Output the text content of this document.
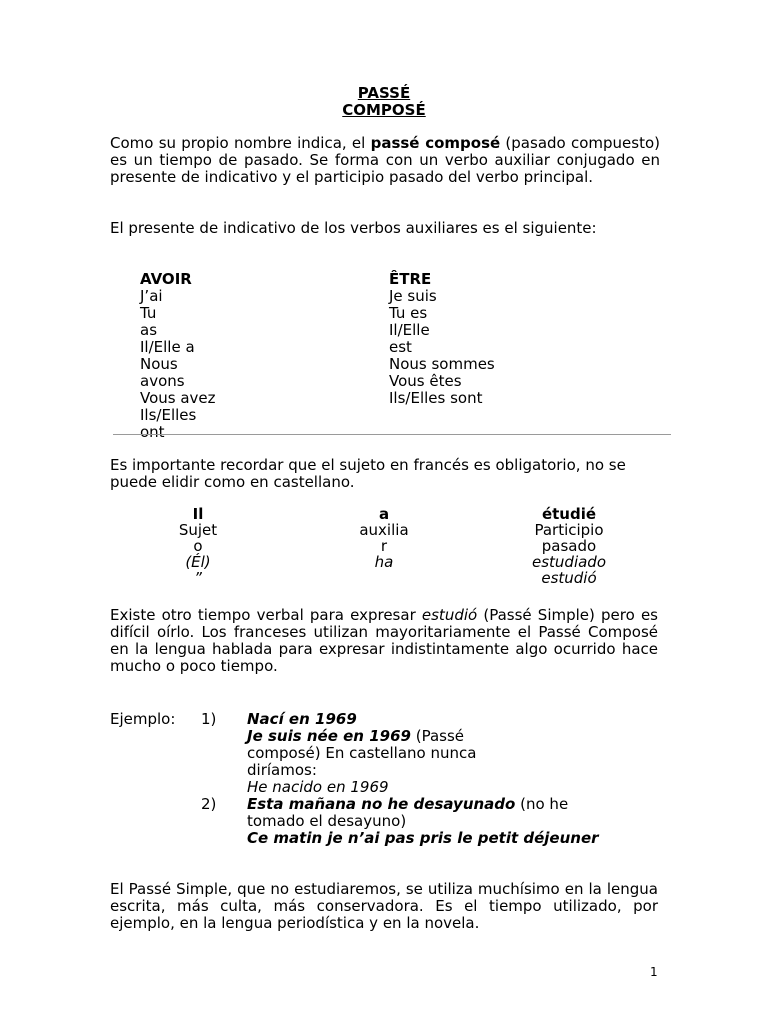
PASSÉ
COMPOSÉ
Como su propio nombre indica, el passé composé (pasado compuesto) es un tiempo de pasado. Se forma con un verbo auxiliar conjugado en presente de indicativo y el participio pasado del verbo principal.
El presente de indicativo de los verbos auxiliares es el siguiente:
AVOIR
J’ai
Tu
as
Il/Elle a
Nous
avons
Vous avez
Ils/Elles
ont
ÊTRE
Je suis
Tu es
Il/Elle
est
Nous sommes
Vous êtes
Ils/Elles sont
Es importante recordar que el sujeto en francés es obligatorio, no se puede elidir como en castellano.
Il
Sujet
o
(Él)
”
a
auxilia
r
ha
étudié
Participio
pasado
estudiado
estudió
Existe otro tiempo verbal para expresar estudió (Passé Simple) pero es difícil oírlo. Los franceses utilizan mayoritariamente el Passé Composé en la lengua hablada para expresar indistintamente algo ocurrido hace mucho o poco tiempo.
Ejemplo: 1) Nací en 1969
Je suis née en 1969 (Passé
composé) En castellano nunca
diríamos:
He nacido en 1969
2) Esta mañana no he desayunado (no he
tomado el desayuno)
Ce matin je n’ai pas pris le petit déjeuner
El Passé Simple, que no estudiaremos, se utiliza muchísimo en la lengua escrita, más culta, más conservadora. Es el tiempo utilizado, por ejemplo, en la lengua periodística y en la novela.
1
